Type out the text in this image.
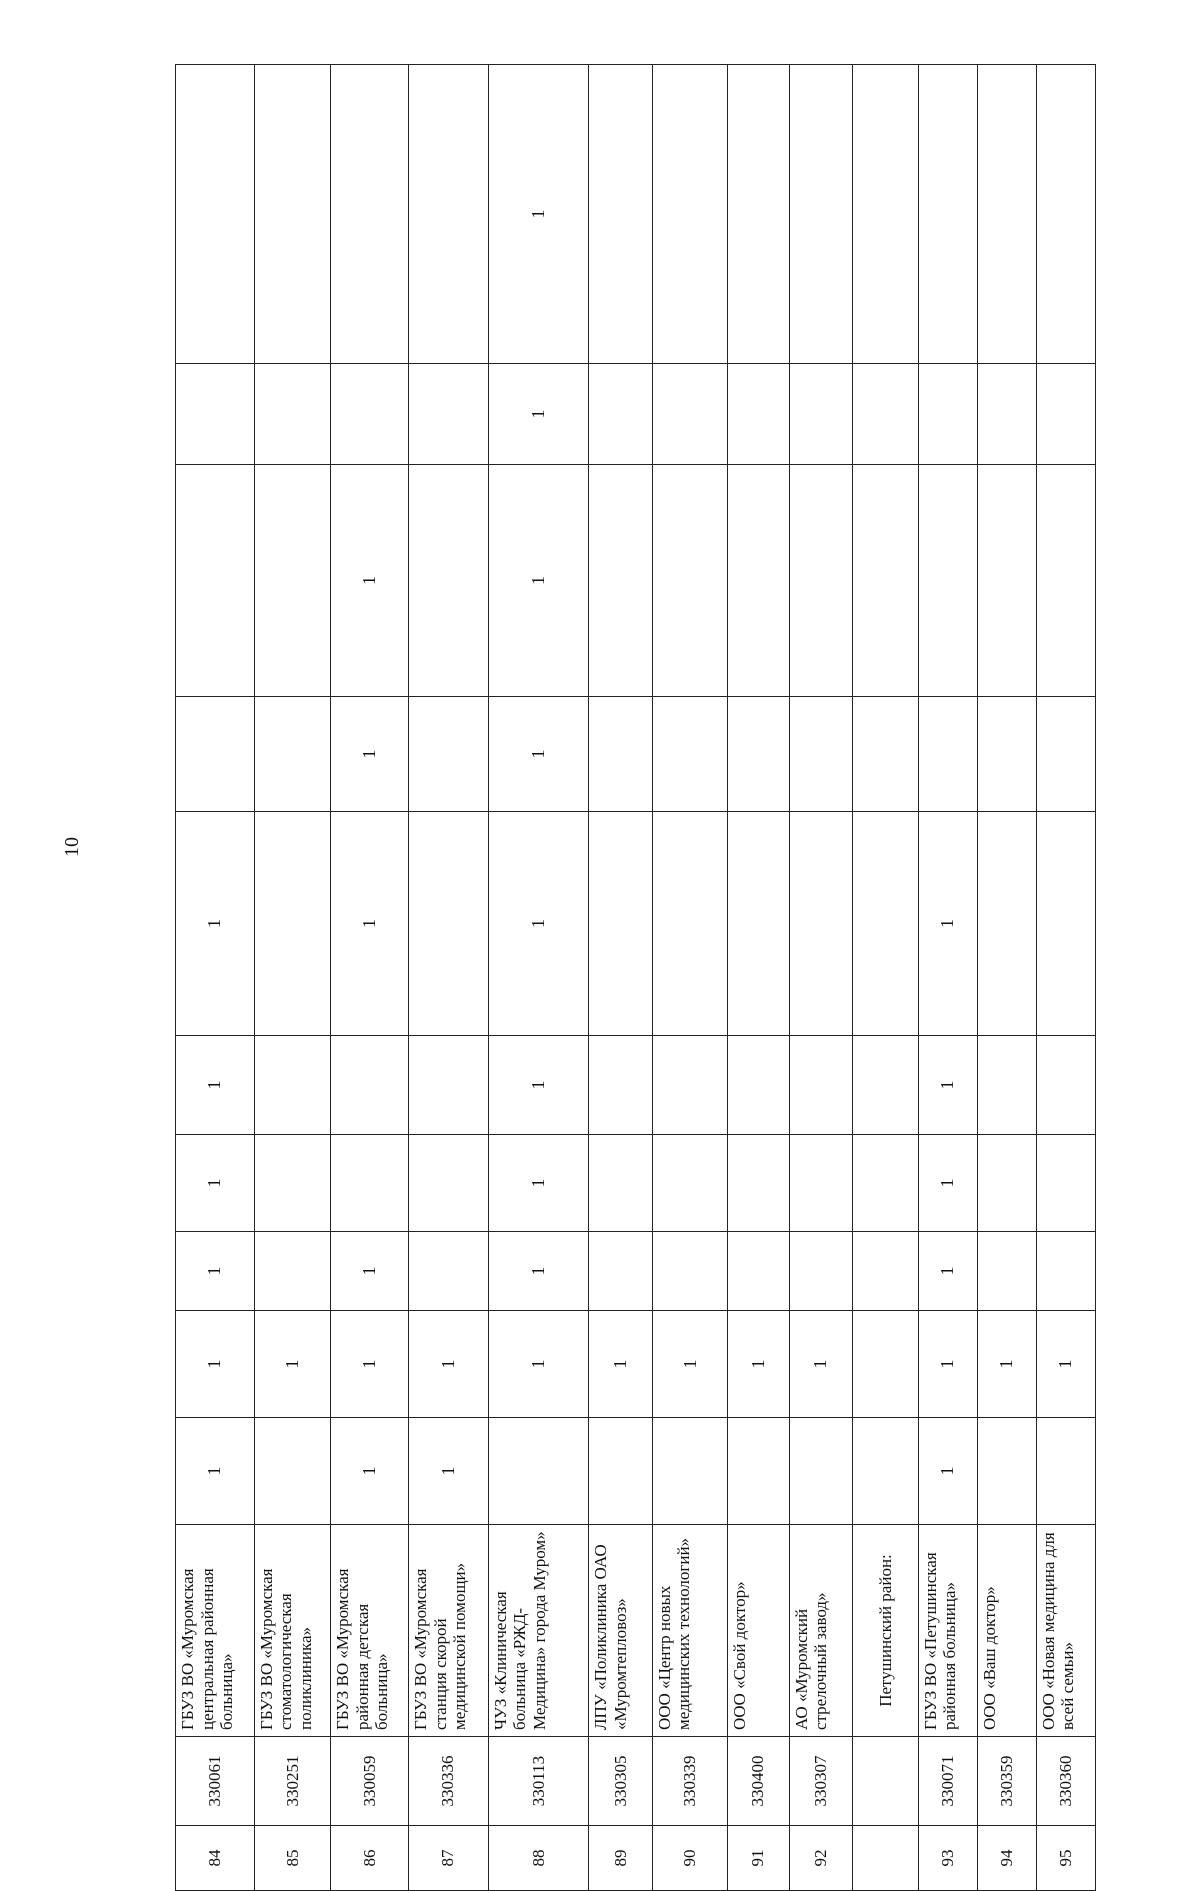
10
84	330061	ГБУЗ ВО «Муромская центральная районная больница»	1	1	1	1	1	1				
85	330251	ГБУЗ ВО «Муромская стоматологическая поликлиника»		1								
86	330059	ГБУЗ ВО «Муромская районная детская больница»	1	1	1			1	1	1		
87	330336	ГБУЗ ВО «Муромская станция скорой медицинской помощи»	1	1								
88	330113	ЧУЗ «Клиническая больница «РЖД-Медицина» города Муром»		1	1	1	1	1	1	1	1	1
89	330305	ЛПУ «Поликлиника ОАО «Муромтепловоз»		1								
90	330339	ООО «Центр новых медицинских технологий»		1								
91	330400	ООО «Свой доктор»		1								
92	330307	АО «Муромский стрелочный завод»		1								
		Петушинский район:										
93	330071	ГБУЗ ВО «Петушинская районная больница»	1	1	1	1	1	1				
94	330359	ООО «Ваш доктор»		1								
95	330360	ООО «Новая медицина для всей семьи»		1								
